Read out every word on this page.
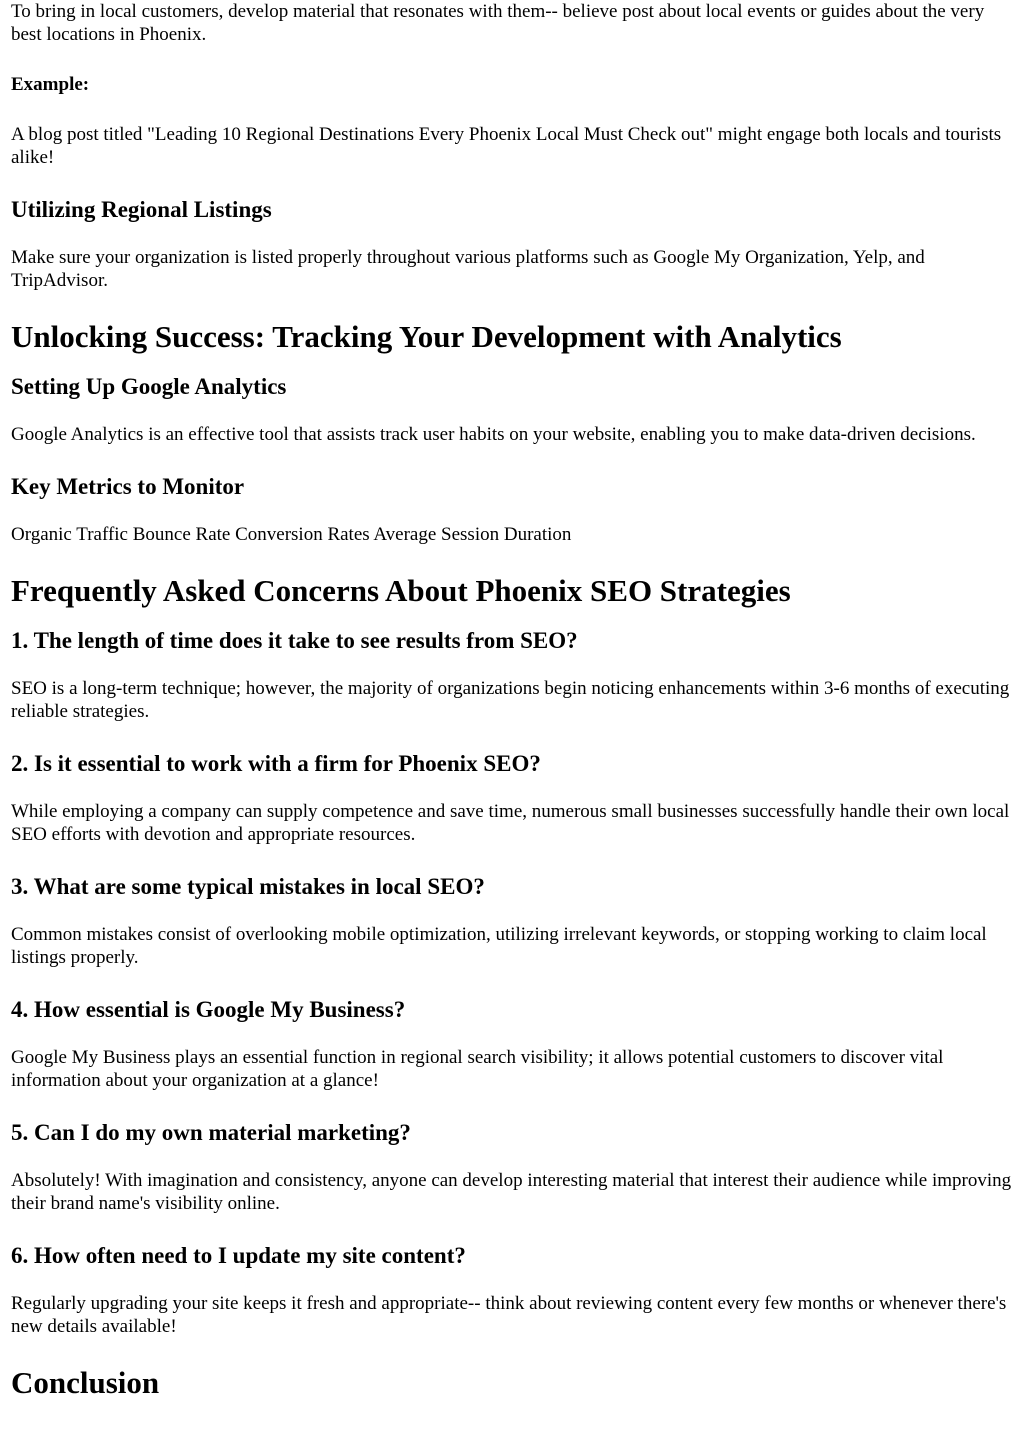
To bring in local customers, develop material that resonates with them-- believe post about local events or guides about the very best locations in Phoenix.

Example:

A blog post titled "Leading 10 Regional Destinations Every Phoenix Local Must Check out" might engage both locals and tourists alike!

Utilizing Regional Listings

Make sure your organization is listed properly throughout various platforms such as Google My Organization, Yelp, and TripAdvisor.

Unlocking Success: Tracking Your Development with Analytics
Setting Up Google Analytics

Google Analytics is an effective tool that assists track user habits on your website, enabling you to make data-driven decisions.

Key Metrics to Monitor

Organic Traffic Bounce Rate Conversion Rates Average Session Duration

Frequently Asked Concerns About Phoenix SEO Strategies
1. The length of time does it take to see results from SEO?

SEO is a long-term technique; however, the majority of organizations begin noticing enhancements within 3-6 months of executing reliable strategies.

2. Is it essential to work with a firm for Phoenix SEO?

While employing a company can supply competence and save time, numerous small businesses successfully handle their own local SEO efforts with devotion and appropriate resources.

3. What are some typical mistakes in local SEO?

Common mistakes consist of overlooking mobile optimization, utilizing irrelevant keywords, or stopping working to claim local listings properly.

4. How essential is Google My Business?

Google My Business plays an essential function in regional search visibility; it allows potential customers to discover vital information about your organization at a glance!

5. Can I do my own material marketing?

Absolutely! With imagination and consistency, anyone can develop interesting material that interest their audience while improving their brand name's visibility online.

6. How often need to I update my site content?

Regularly upgrading your site keeps it fresh and appropriate-- think about reviewing content every few months or whenever there's new details available!

Conclusion
